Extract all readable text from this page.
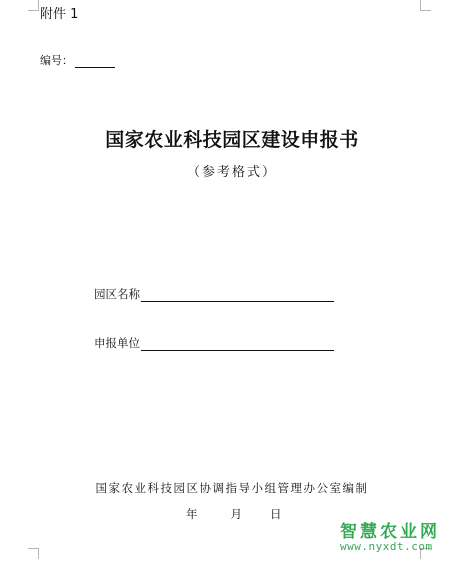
附件 1
编号：
国家农业科技园区建设申报书
（参考格式）
园区名称
申报单位
国家农业科技园区协调指导小组管理办公室编制
年	月 日
智慧农业网
www.nyxdt.com
